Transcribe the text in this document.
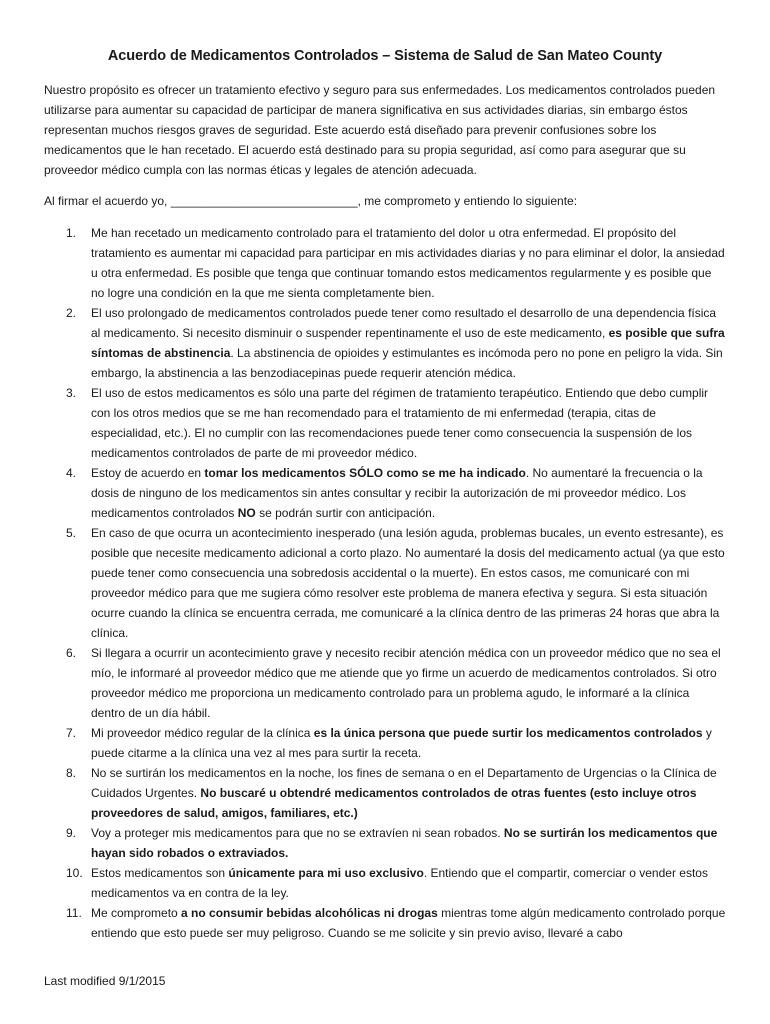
Acuerdo de Medicamentos Controlados – Sistema de Salud de San Mateo County

Nuestro propósito es ofrecer un tratamiento efectivo y seguro para sus enfermedades. Los medicamentos controlados pueden utilizarse para aumentar su capacidad de participar de manera significativa en sus actividades diarias, sin embargo éstos representan muchos riesgos graves de seguridad. Este acuerdo está diseñado para prevenir confusiones sobre los medicamentos que le han recetado. El acuerdo está destinado para su propia seguridad, así como para asegurar que su proveedor médico cumpla con las normas éticas y legales de atención adecuada.

Al firmar el acuerdo yo, ____________________________, me comprometo y entiendo lo siguiente:

1. Me han recetado un medicamento controlado para el tratamiento del dolor u otra enfermedad. El propósito del tratamiento es aumentar mi capacidad para participar en mis actividades diarias y no para eliminar el dolor, la ansiedad u otra enfermedad. Es posible que tenga que continuar tomando estos medicamentos regularmente y es posible que no logre una condición en la que me sienta completamente bien.
2. El uso prolongado de medicamentos controlados puede tener como resultado el desarrollo de una dependencia física al medicamento. Si necesito disminuir o suspender repentinamente el uso de este medicamento, es posible que sufra síntomas de abstinencia. La abstinencia de opioides y estimulantes es incómoda pero no pone en peligro la vida. Sin embargo, la abstinencia a las benzodiacepinas puede requerir atención médica.
3. El uso de estos medicamentos es sólo una parte del régimen de tratamiento terapéutico. Entiendo que debo cumplir con los otros medios que se me han recomendado para el tratamiento de mi enfermedad (terapia, citas de especialidad, etc.). El no cumplir con las recomendaciones puede tener como consecuencia la suspensión de los medicamentos controlados de parte de mi proveedor médico.
4. Estoy de acuerdo en tomar los medicamentos SÓLO como se me ha indicado. No aumentaré la frecuencia o la dosis de ninguno de los medicamentos sin antes consultar y recibir la autorización de mi proveedor médico. Los medicamentos controlados NO se podrán surtir con anticipación.
5. En caso de que ocurra un acontecimiento inesperado (una lesión aguda, problemas bucales, un evento estresante), es posible que necesite medicamento adicional a corto plazo. No aumentaré la dosis del medicamento actual (ya que esto puede tener como consecuencia una sobredosis accidental o la muerte). En estos casos, me comunicaré con mi proveedor médico para que me sugiera cómo resolver este problema de manera efectiva y segura. Si esta situación ocurre cuando la clínica se encuentra cerrada, me comunicaré a la clínica dentro de las primeras 24 horas que abra la clínica.
6. Si llegara a ocurrir un acontecimiento grave y necesito recibir atención médica con un proveedor médico que no sea el mío, le informaré al proveedor médico que me atiende que yo firme un acuerdo de medicamentos controlados. Si otro proveedor médico me proporciona un medicamento controlado para un problema agudo, le informaré a la clínica dentro de un día hábil.
7. Mi proveedor médico regular de la clínica es la única persona que puede surtir los medicamentos controlados y puede citarme a la clínica una vez al mes para surtir la receta.
8. No se surtirán los medicamentos en la noche, los fines de semana o en el Departamento de Urgencias o la Clínica de Cuidados Urgentes. No buscaré u obtendré medicamentos controlados de otras fuentes (esto incluye otros proveedores de salud, amigos, familiares, etc.)
9. Voy a proteger mis medicamentos para que no se extravíen ni sean robados. No se surtirán los medicamentos que hayan sido robados o extraviados.
10. Estos medicamentos son únicamente para mi uso exclusivo. Entiendo que el compartir, comerciar o vender estos medicamentos va en contra de la ley.
11. Me comprometo a no consumir bebidas alcohólicas ni drogas mientras tome algún medicamento controlado porque entiendo que esto puede ser muy peligroso. Cuando se me solicite y sin previo aviso, llevaré a cabo
Last modified 9/1/2015
